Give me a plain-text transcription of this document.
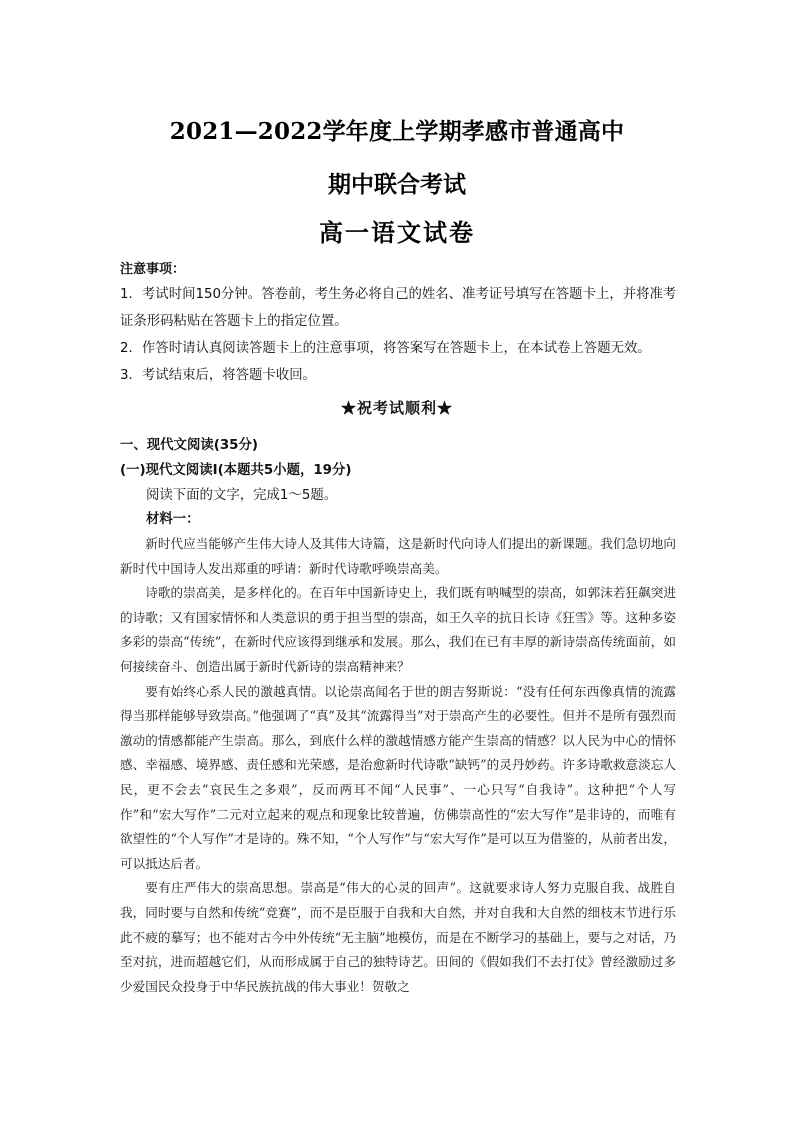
2021—2022学年度上学期孝感市普通高中
期中联合考试
高一语文试卷
注意事项：
1．考试时间150分钟。答卷前，考生务必将自己的姓名、准考证号填写在答题卡上，并将准考证条形码粘贴在答题卡上的指定位置。
2．作答时请认真阅读答题卡上的注意事项，将答案写在答题卡上，在本试卷上答题无效。
3．考试结束后，将答题卡收回。
★祝考试顺利★
一、现代文阅读(35分)
(一)现代文阅读Ⅰ(本题共5小题，19分)
阅读下面的文字，完成1～5题。
材料一：

新时代应当能够产生伟大诗人及其伟大诗篇，这是新时代向诗人们提出的新课题。我们急切地向新时代中国诗人发出郑重的呼请：新时代诗歌呼唤崇高美。

诗歌的崇高美，是多样化的。在百年中国新诗史上，我们既有呐喊型的崇高，如郭沫若狂飙突进的诗歌；又有国家情怀和人类意识的勇于担当型的崇高，如王久辛的抗日长诗《狂雪》等。这种多姿多彩的崇高“传统”，在新时代应该得到继承和发展。那么，我们在已有丰厚的新诗崇高传统面前，如何接续奋斗、创造出属于新时代新诗的崇高精神来？

要有始终心系人民的激越真情。以论崇高闻名于世的朗吉努斯说：“没有任何东西像真情的流露得当那样能够导致崇高。”他强调了“真”及其“流露得当”对于崇高产生的必要性。但并不是所有强烈而激动的情感都能产生崇高。那么，到底什么样的激越情感方能产生崇高的情感？以人民为中心的情怀感、幸福感、境界感、责任感和光荣感，是治愈新时代诗歌“缺钙”的灵丹妙药。许多诗歌救意淡忘人民，更不会去“哀民生之多艰”，反而两耳不闻“人民事”、一心只写“自我诗”。这种把“个人写作”和“宏大写作”二元对立起来的观点和现象比较普遍，仿佛崇高性的“宏大写作”是非诗的，而唯有欲望性的“个人写作”才是诗的。殊不知，“个人写作”与“宏大写作”是可以互为借鉴的，从前者出发，可以抵达后者。

要有庄严伟大的崇高思想。崇高是“伟大的心灵的回声”。这就要求诗人努力克服自我、战胜自我，同时要与自然和传统“竞赛”，而不是臣服于自我和大自然，并对自我和大自然的细枝末节进行乐此不疲的摹写；也不能对古今中外传统“无主脑”地模仿，而是在不断学习的基础上，要与之对话，乃至对抗，进而超越它们，从而形成属于自己的独特诗艺。田间的《假如我们不去打仗》曾经激励过多少爱国民众投身于中华民族抗战的伟大事业！贺敬之
